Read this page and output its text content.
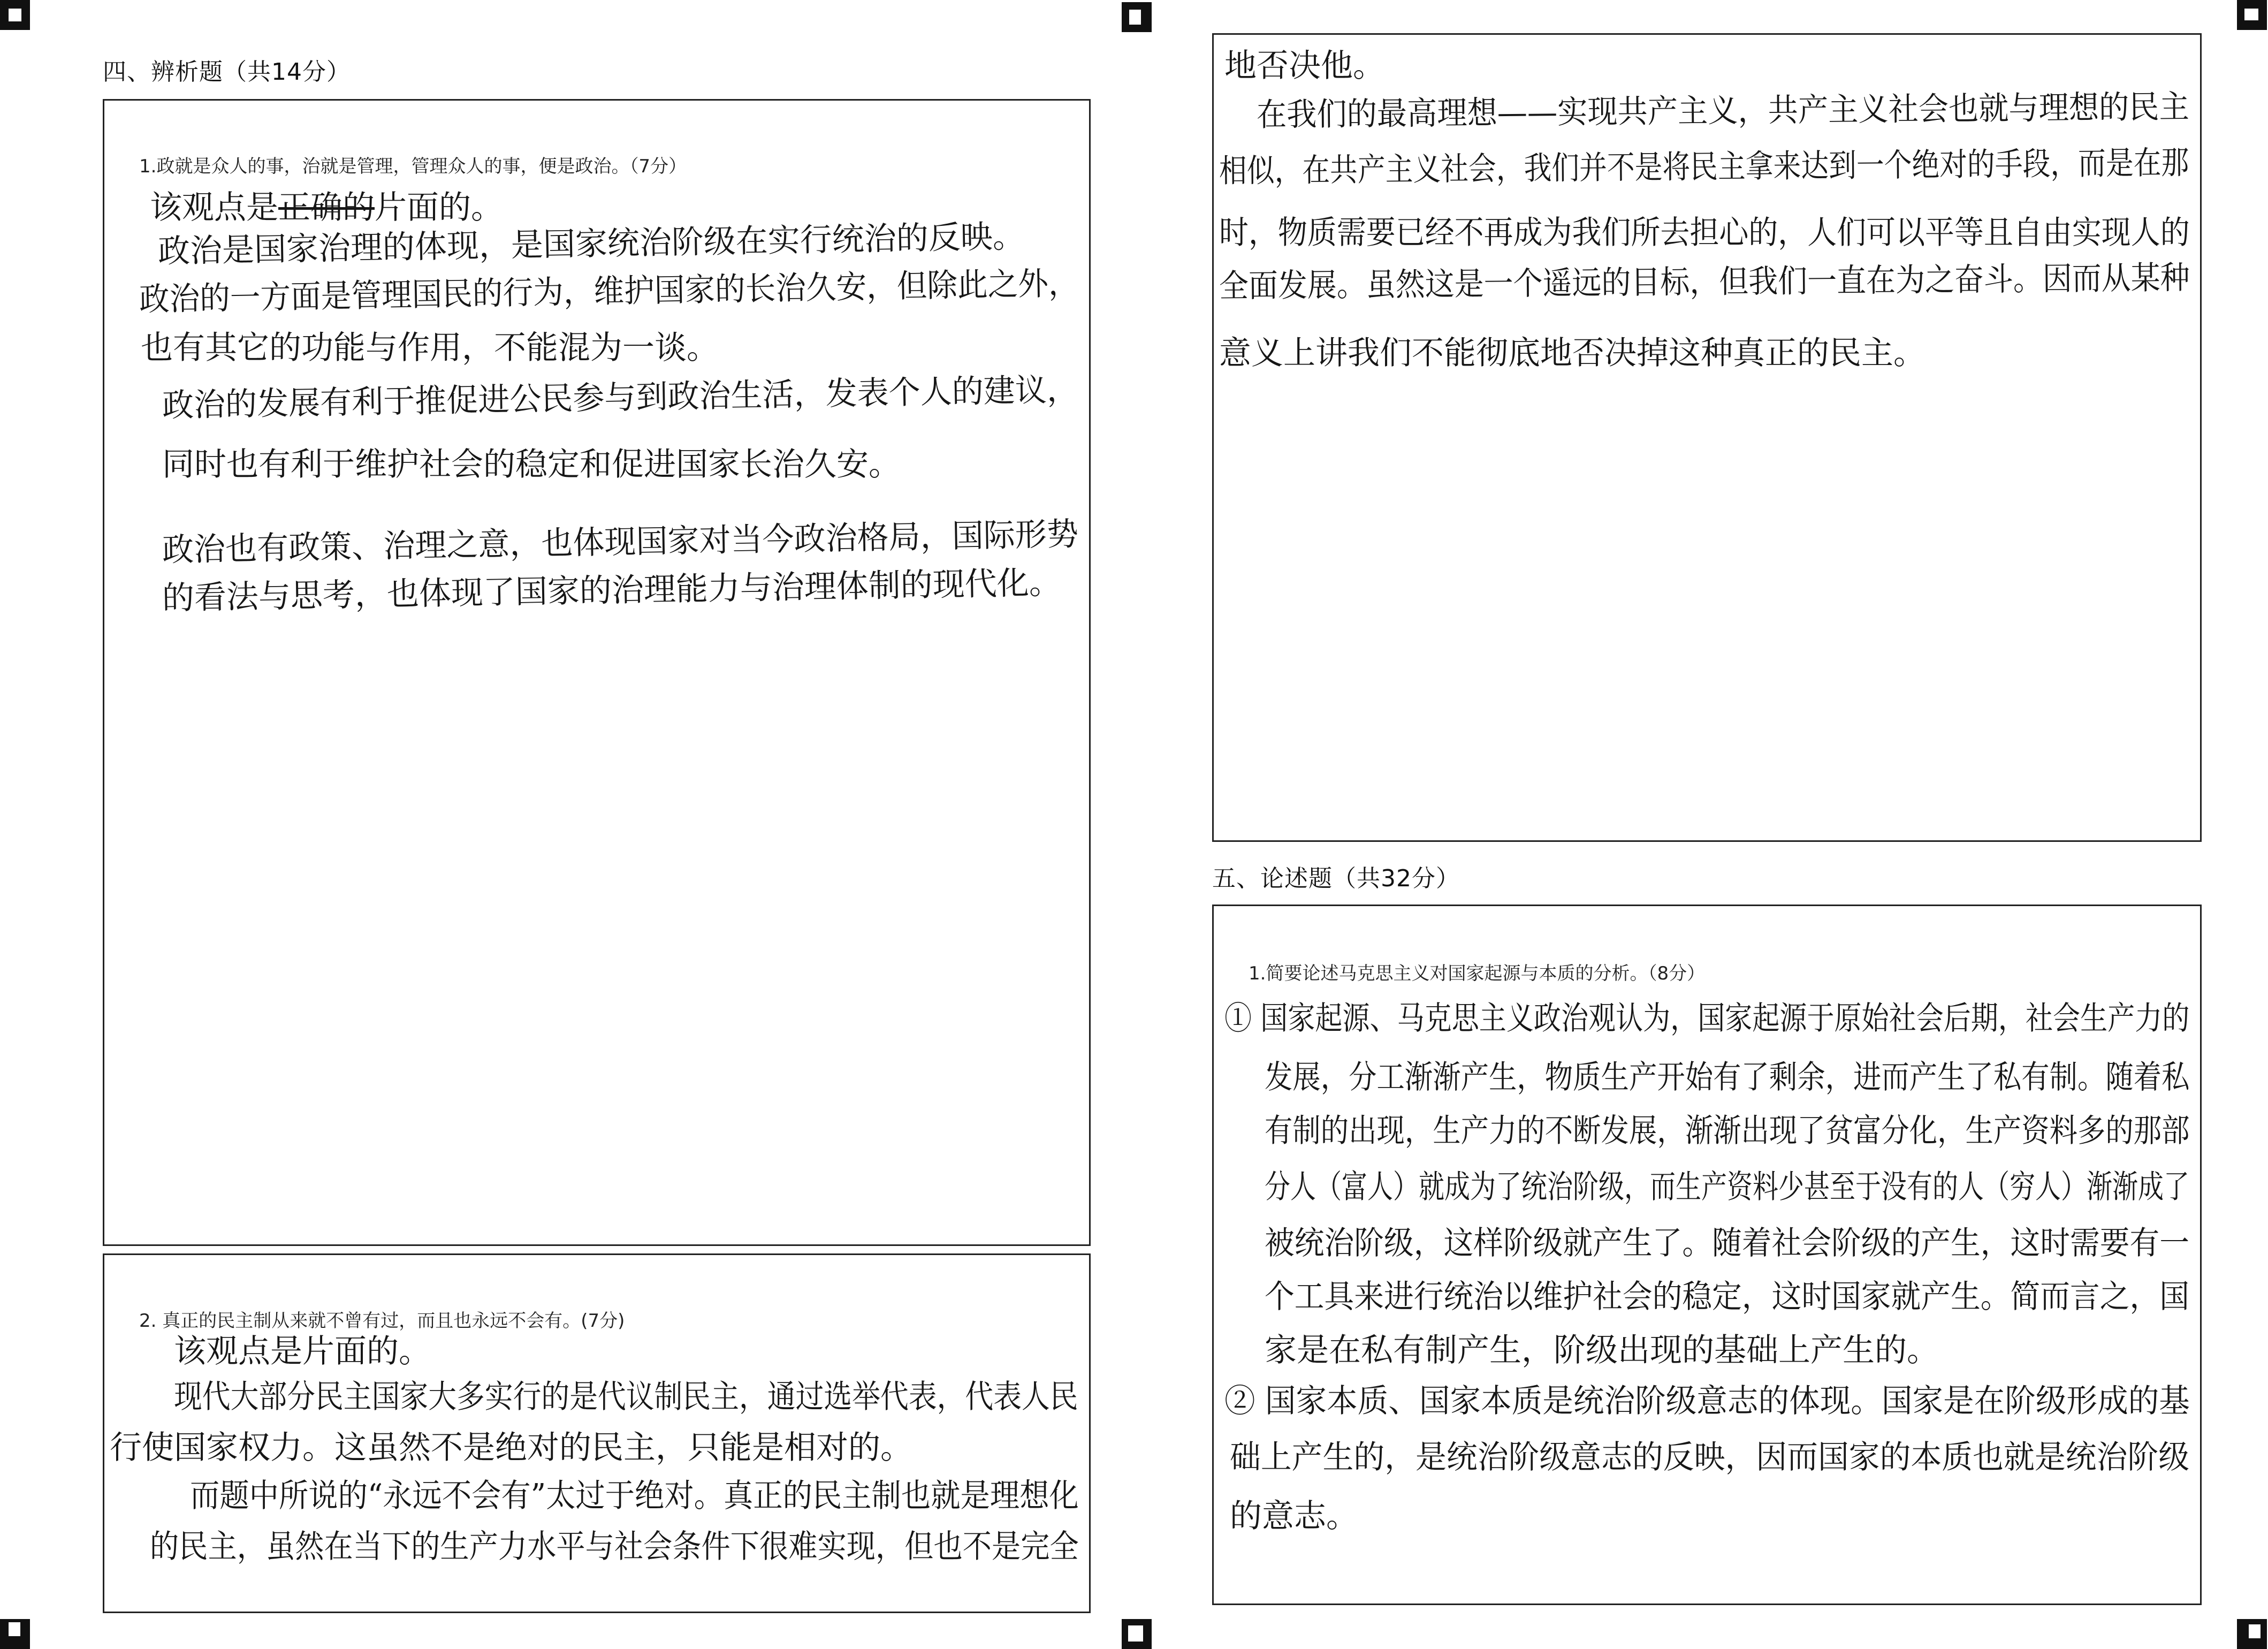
四、辨析题（共14分）
1.政就是众人的事，治就是管理，管理众人的事，便是政治。（7分）
该观点是正确的片面的。
政治是国家治理的体现，是国家统治阶级在实行统治的反映。
政治的一方面是管理国民的行为，维护国家的长治久安，但除此之外，
也有其它的功能与作用，不能混为一谈。
政治的发展有利于推促进公民参与到政治生活，发表个人的建议，
同时也有利于维护社会的稳定和促进国家长治久安。
政治也有政策、治理之意，也体现国家对当今政治格局，国际形势
的看法与思考，也体现了国家的治理能力与治理体制的现代化。
2. 真正的民主制从来就不曾有过，而且也永远不会有。(7分)
该观点是片面的。
现代大部分民主国家大多实行的是代议制民主，通过选举代表，代表人民
行使国家权力。这虽然不是绝对的民主，只能是相对的。
而题中所说的“永远不会有”太过于绝对。真正的民主制也就是理想化
的民主，虽然在当下的生产力水平与社会条件下很难实现，但也不是完全
地否决他。
在我们的最高理想——实现共产主义，共产主义社会也就与理想的民主
相似，在共产主义社会，我们并不是将民主拿来达到一个绝对的手段，而是在那
时，物质需要已经不再成为我们所去担心的，人们可以平等且自由实现人的
全面发展。虽然这是一个遥远的目标，但我们一直在为之奋斗。因而从某种
意义上讲我们不能彻底地否决掉这种真正的民主。
五、论述题（共32分）
1.简要论述马克思主义对国家起源与本质的分析。（8分）
① 国家起源、马克思主义政治观认为，国家起源于原始社会后期，社会生产力的
发展，分工渐渐产生，物质生产开始有了剩余，进而产生了私有制。随着私
有制的出现，生产力的不断发展，渐渐出现了贫富分化，生产资料多的那部
分人（富人）就成为了统治阶级，而生产资料少甚至于没有的人（穷人）渐渐成了
被统治阶级，这样阶级就产生了。随着社会阶级的产生，这时需要有一
个工具来进行统治以维护社会的稳定，这时国家就产生。简而言之，国
家是在私有制产生，阶级出现的基础上产生的。
② 国家本质、国家本质是统治阶级意志的体现。国家是在阶级形成的基
础上产生的，是统治阶级意志的反映，因而国家的本质也就是统治阶级
的意志。
